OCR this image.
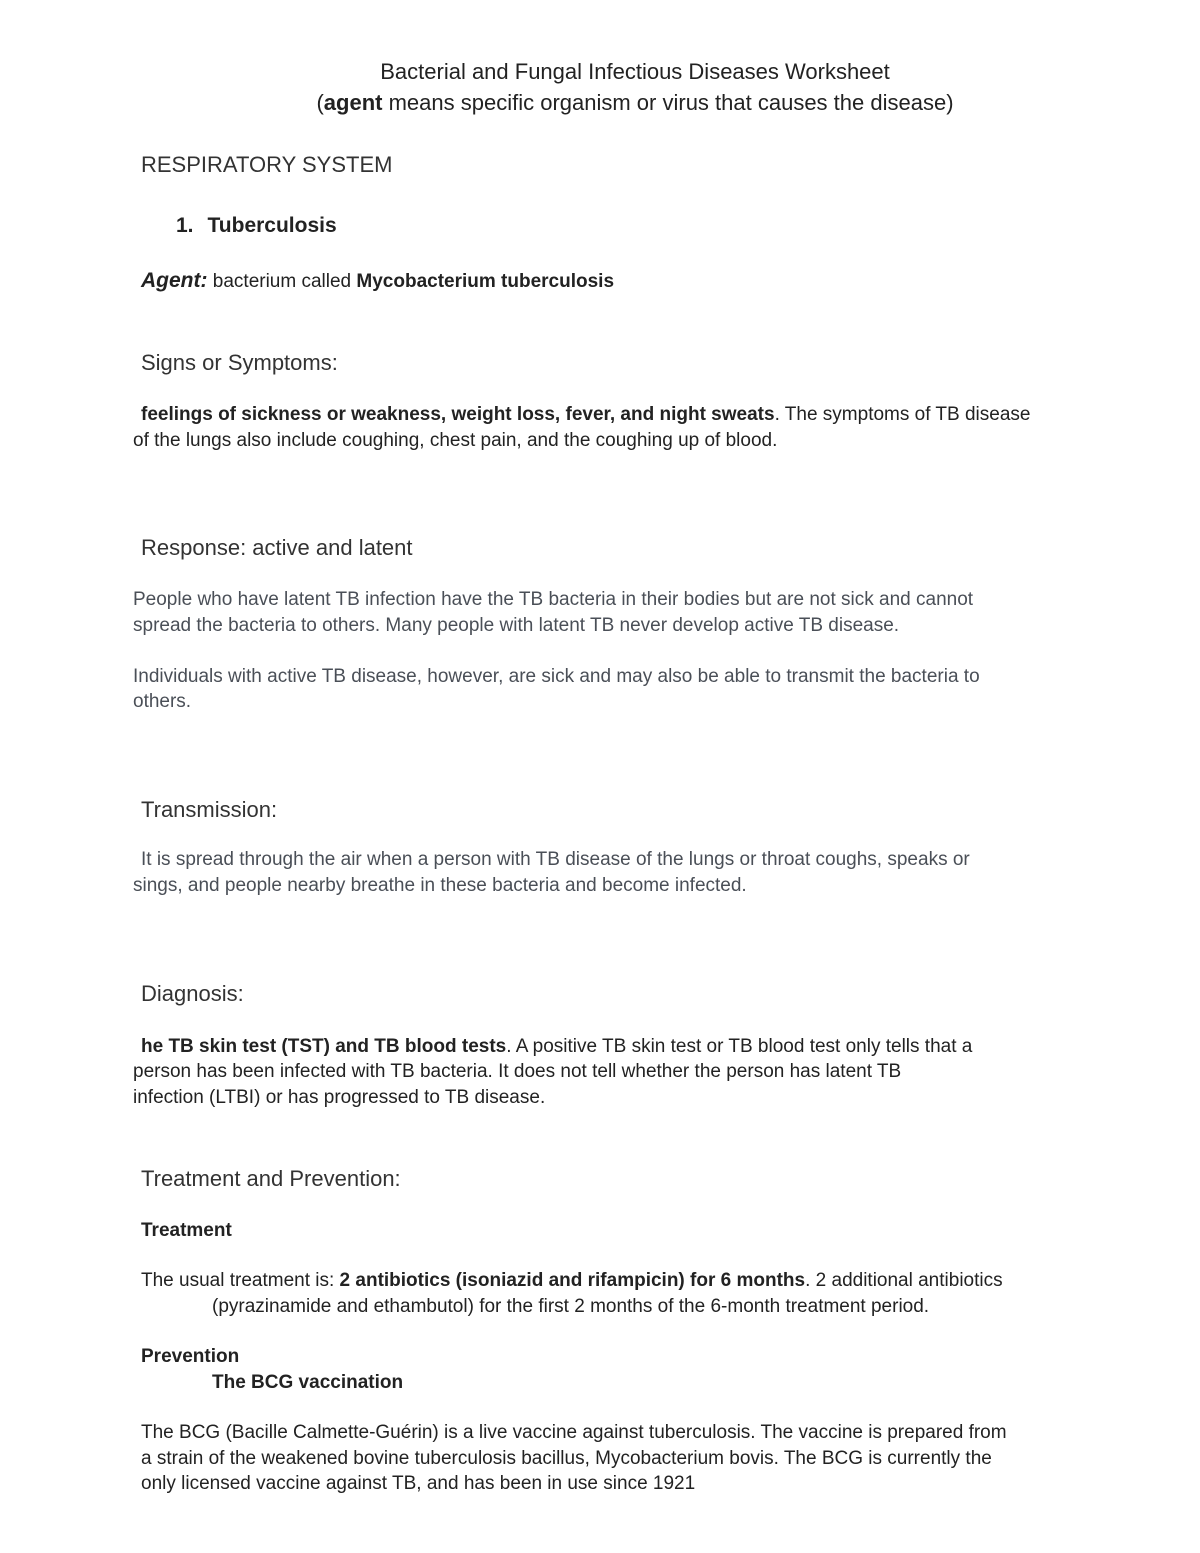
Bacterial and Fungal Infectious Diseases Worksheet

(agent means specific organism or virus that causes the disease)

RESPIRATORY SYSTEM

1. Tuberculosis

Agent: bacterium called Mycobacterium tuberculosis

Signs or Symptoms:

feelings of sickness or weakness, weight loss, fever, and night sweats. The symptoms of TB disease

of the lungs also include coughing, chest pain, and the coughing up of blood.

Response: active and latent

People who have latent TB infection have the TB bacteria in their bodies but are not sick and cannot

spread the bacteria to others. Many people with latent TB never develop active TB disease.

Individuals with active TB disease, however, are sick and may also be able to transmit the bacteria to

others.

Transmission:

It is spread through the air when a person with TB disease of the lungs or throat coughs, speaks or

sings, and people nearby breathe in these bacteria and become infected.

Diagnosis:

he TB skin test (TST) and TB blood tests. A positive TB skin test or TB blood test only tells that a

person has been infected with TB bacteria. It does not tell whether the person has latent TB

infection (LTBI) or has progressed to TB disease.

Treatment and Prevention:

Treatment

The usual treatment is: 2 antibiotics (isoniazid and rifampicin) for 6 months. 2 additional antibiotics

(pyrazinamide and ethambutol) for the first 2 months of the 6-month treatment period.

Prevention

The BCG vaccination

The BCG (Bacille Calmette-Guérin) is a live vaccine against tuberculosis. The vaccine is prepared from

a strain of the weakened bovine tuberculosis bacillus, Mycobacterium bovis. The BCG is currently the

only licensed vaccine against TB, and has been in use since 1921
